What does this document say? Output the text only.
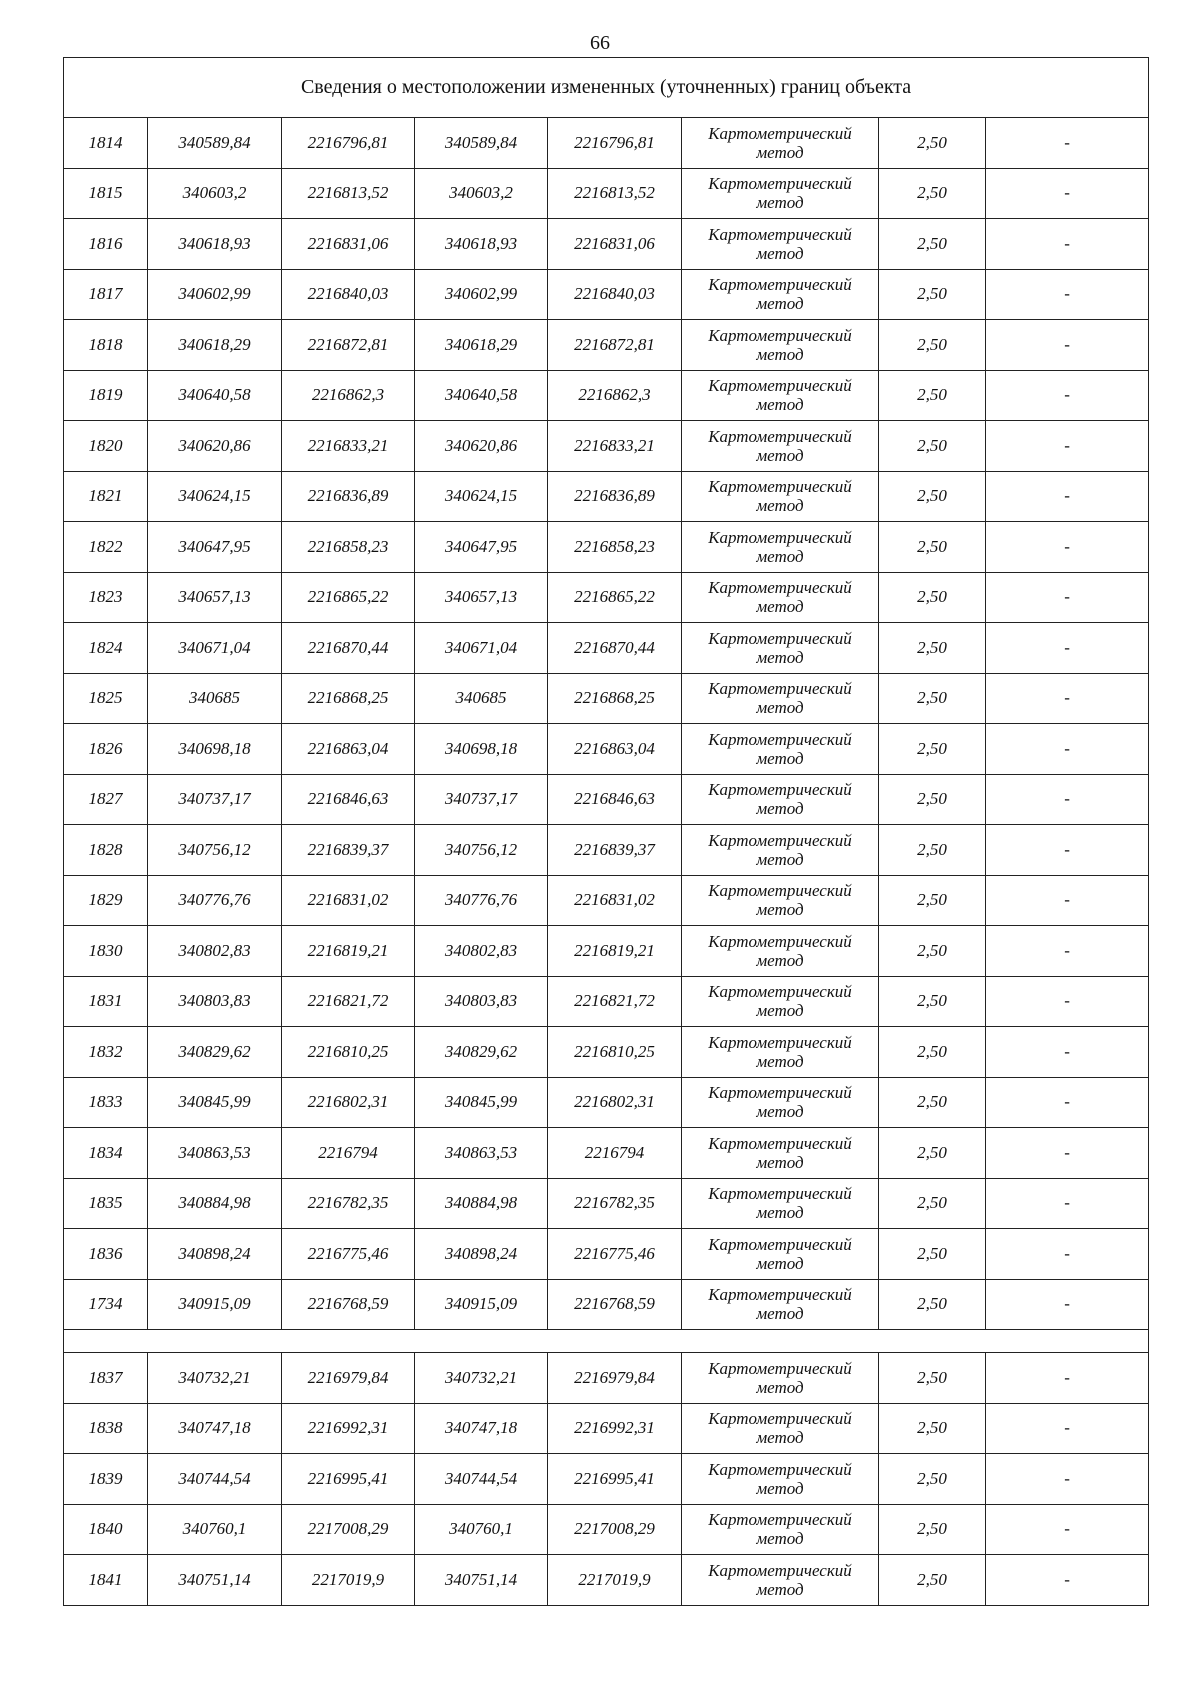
66
Сведения о местоположении измененных (уточненных) границ объекта							
1814	340589,84	2216796,81	340589,84	2216796,81	Картометрический
метод	2,50	-
1815	340603,2	2216813,52	340603,2	2216813,52	Картометрический
метод	2,50	-
1816	340618,93	2216831,06	340618,93	2216831,06	Картометрический
метод	2,50	-
1817	340602,99	2216840,03	340602,99	2216840,03	Картометрический
метод	2,50	-
1818	340618,29	2216872,81	340618,29	2216872,81	Картометрический
метод	2,50	-
1819	340640,58	2216862,3	340640,58	2216862,3	Картометрический
метод	2,50	-
1820	340620,86	2216833,21	340620,86	2216833,21	Картометрический
метод	2,50	-
1821	340624,15	2216836,89	340624,15	2216836,89	Картометрический
метод	2,50	-
1822	340647,95	2216858,23	340647,95	2216858,23	Картометрический
метод	2,50	-
1823	340657,13	2216865,22	340657,13	2216865,22	Картометрический
метод	2,50	-
1824	340671,04	2216870,44	340671,04	2216870,44	Картометрический
метод	2,50	-
1825	340685	2216868,25	340685	2216868,25	Картометрический
метод	2,50	-
1826	340698,18	2216863,04	340698,18	2216863,04	Картометрический
метод	2,50	-
1827	340737,17	2216846,63	340737,17	2216846,63	Картометрический
метод	2,50	-
1828	340756,12	2216839,37	340756,12	2216839,37	Картометрический
метод	2,50	-
1829	340776,76	2216831,02	340776,76	2216831,02	Картометрический
метод	2,50	-
1830	340802,83	2216819,21	340802,83	2216819,21	Картометрический
метод	2,50	-
1831	340803,83	2216821,72	340803,83	2216821,72	Картометрический
метод	2,50	-
1832	340829,62	2216810,25	340829,62	2216810,25	Картометрический
метод	2,50	-
1833	340845,99	2216802,31	340845,99	2216802,31	Картометрический
метод	2,50	-
1834	340863,53	2216794	340863,53	2216794	Картометрический
метод	2,50	-
1835	340884,98	2216782,35	340884,98	2216782,35	Картометрический
метод	2,50	-
1836	340898,24	2216775,46	340898,24	2216775,46	Картометрический
метод	2,50	-
1734	340915,09	2216768,59	340915,09	2216768,59	Картометрический
метод	2,50	-

1837	340732,21	2216979,84	340732,21	2216979,84	Картометрический
метод	2,50	-
1838	340747,18	2216992,31	340747,18	2216992,31	Картометрический
метод	2,50	-
1839	340744,54	2216995,41	340744,54	2216995,41	Картометрический
метод	2,50	-
1840	340760,1	2217008,29	340760,1	2217008,29	Картометрический
метод	2,50	-
1841	340751,14	2217019,9	340751,14	2217019,9	Картометрический
метод	2,50	-
